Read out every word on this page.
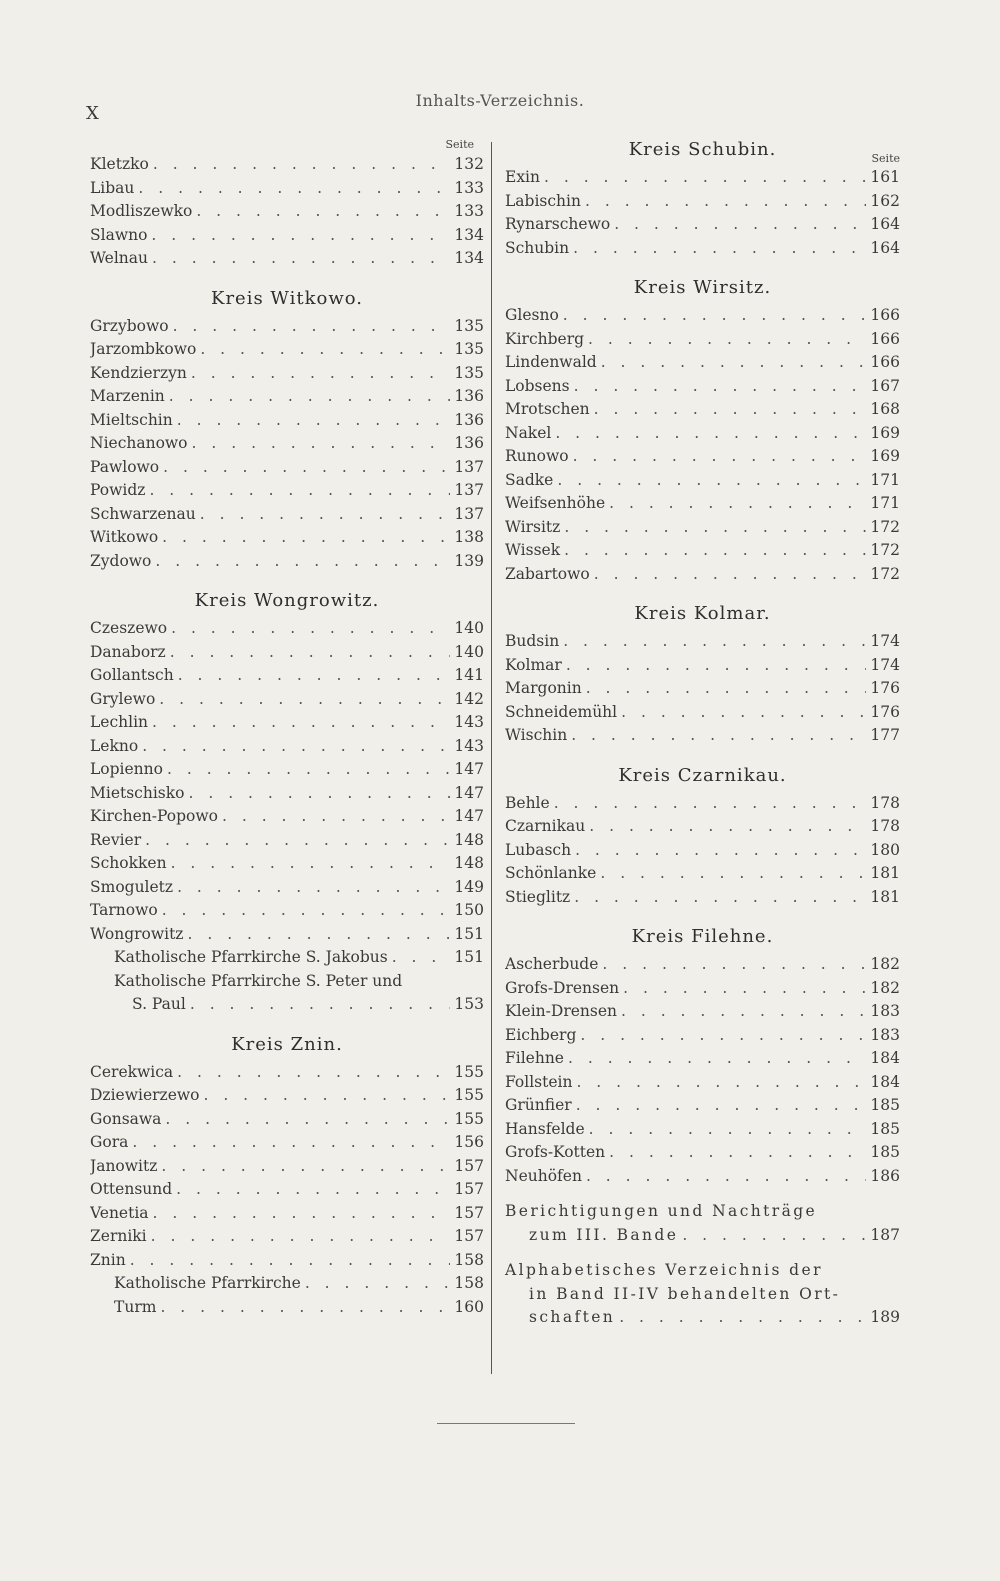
X
Inhalts-Verzeichnis.
Seite
Kletzko . . .	132
Libau . . .	133
Modliszewko . . .	133
Slawno . . .	134
Welnau . . .	134
Kreis Witkowo.
Grzybowo . . .	135
Jarzombkowo . . .	135
Kendzierzyn . . .	135
Marzenin . . .	136
Mieltschin . . .	136
Niechanowo . . .	136
Pawlowo . . .	137
Powidz . . .	137
Schwarzenau . . .	137
Witkowo . . .	138
Zydowo . . .	139
Kreis Wongrowitz.
Czeszewo . . .	140
Danaborz . . .	140
Gollantsch . . .	141
Grylewo . . .	142
Lechlin . . .	143
Lekno . . .	143
Lopienno . . .	147
Mietschisko . . .	147
Kirchen-Popowo . . .	147
Revier . . .	148
Schokken . . .	148
Smoguletz . . .	149
Tarnowo . . .	150
Wongrowitz . . .	151
Katholische Pfarrkirche S. Jakobus . . .	151
Katholische Pfarrkirche S. Peter und
S. Paul . . .	153
Kreis Znin.
Cerekwica . . .	155
Dziewierzewo . . .	155
Gonsawa . . .	155
Gora . . .	156
Janowitz . . .	157
Ottensund . . .	157
Venetia . . .	157
Zerniki . . .	157
Znin . . .	158
Katholische Pfarrkirche . . .	158
Turm . . .	160
Kreis Schubin.	Seite
Exin . . .	161
Labischin . . .	162
Rynarschewo . . .	164
Schubin . . .	164
Kreis Wirsitz.
Glesno . . .	166
Kirchberg . . .	166
Lindenwald . . .	166
Lobsens . . .	167
Mrotschen . . .	168
Nakel . . .	169
Runowo . . .	169
Sadke . . .	171
Weifsenhöhe . . .	171
Wirsitz . . .	172
Wissek . . .	172
Zabartowo . . .	172
Kreis Kolmar.
Budsin . . .	174
Kolmar . . .	174
Margonin . . .	176
Schneidemühl . . .	176
Wischin . . .	177
Kreis Czarnikau.
Behle . . .	178
Czarnikau . . .	178
Lubasch . . .	180
Schönlanke . . .	181
Stieglitz . . .	181
Kreis Filehne.
Ascherbude . . .	182
Grofs-Drensen . . .	182
Klein-Drensen . . .	183
Eichberg . . .	183
Filehne . . .	184
Follstein . . .	184
Grünfier . . .	185
Hansfelde . . .	185
Grofs-Kotten . . .	185
Neuhöfen . . .	186
Berichtigungen und Nachträge
zum III. Bande . . .	187
Alphabetisches Verzeichnis der
in Band II-IV behandelten Ort-
schaften . . .	189
